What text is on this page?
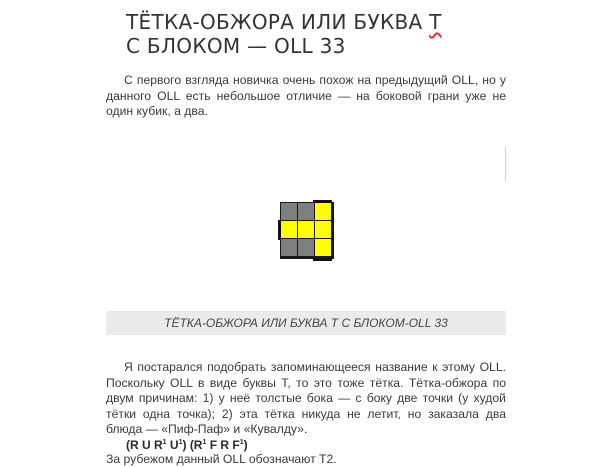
ТЁТКА-ОБЖОРА ИЛИ БУКВА Т
С БЛОКОМ — OLL 33

С первого взгляда новичка очень похож на предыдущий OLL, но у данного OLL есть небольшое отличие — на боковой грани уже не один кубик, а два.

ТЁТКА-ОБЖОРА ИЛИ БУКВА Т С БЛОКОМ-OLL 33

Я постарался подобрать запоминающееся название к этому OLL. Поскольку OLL в виде буквы Т, то это тоже тётка. Тётка-обжора по двум причинам: 1) у неё толстые бока — с боку две точки (у худой тётки одна точка); 2) эта тётка никуда не летит, но заказала два блюда — «Пиф-Паф» и «Кувалду».

(R U $R^1$ $U^1$) ($R^1$ F R $F^1$)

За рубежом данный OLL обозначают T2.
